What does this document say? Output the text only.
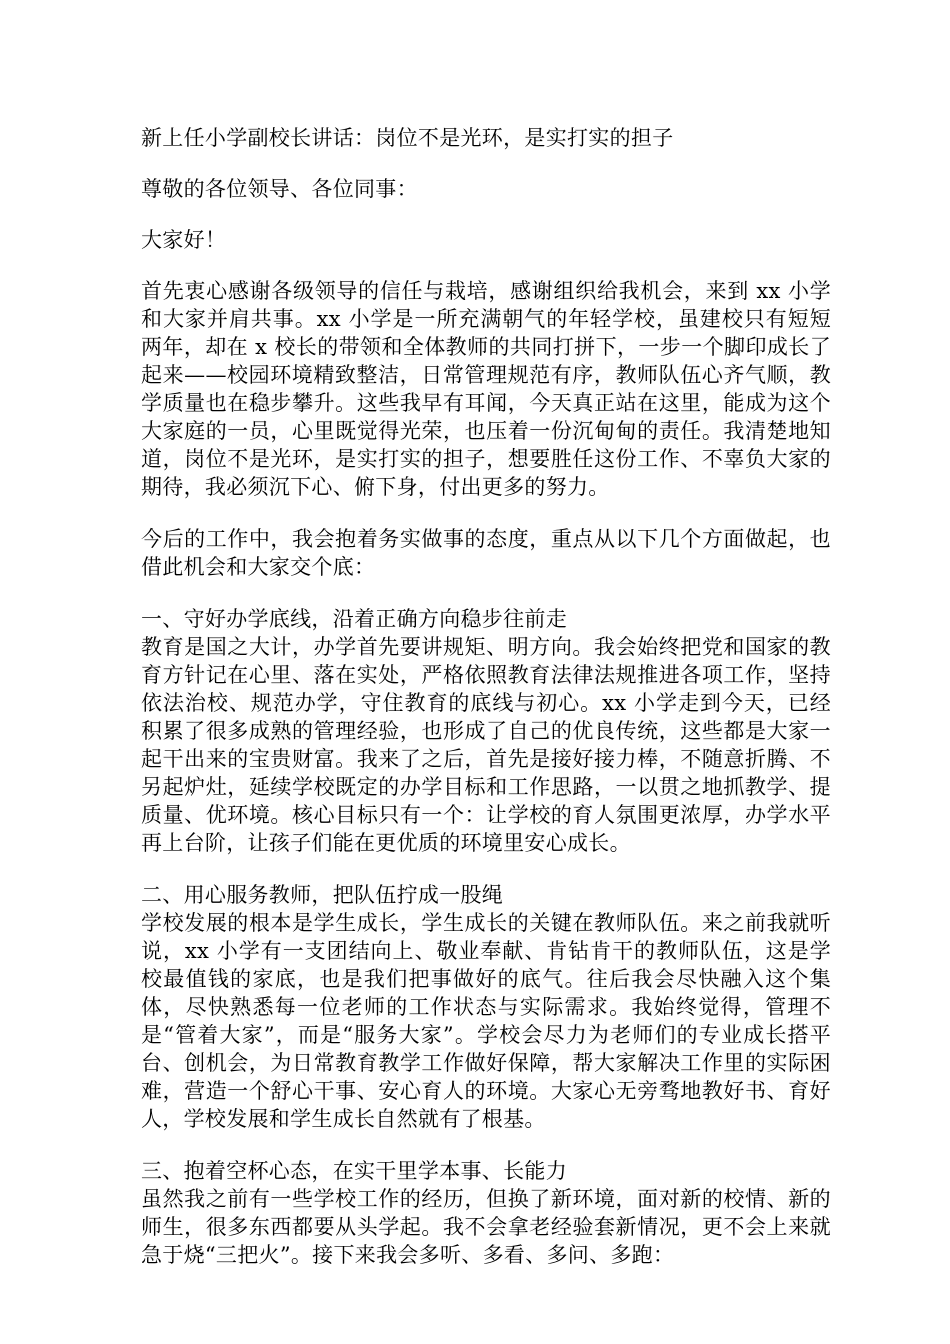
新上任小学副校长讲话：岗位不是光环，是实打实的担子

尊敬的各位领导、各位同事：

大家好！

首先衷心感谢各级领导的信任与栽培，感谢组织给我机会，来到 xx 小学和大家并肩共事。xx 小学是一所充满朝气的年轻学校，虽建校只有短短两年，却在 x 校长的带领和全体教师的共同打拼下，一步一个脚印成长了起来——校园环境精致整洁，日常管理规范有序，教师队伍心齐气顺，教学质量也在稳步攀升。这些我早有耳闻，今天真正站在这里，能成为这个大家庭的一员，心里既觉得光荣，也压着一份沉甸甸的责任。我清楚地知道，岗位不是光环，是实打实的担子，想要胜任这份工作、不辜负大家的期待，我必须沉下心、俯下身，付出更多的努力。

今后的工作中，我会抱着务实做事的态度，重点从以下几个方面做起，也借此机会和大家交个底：

一、守好办学底线，沿着正确方向稳步往前走

教育是国之大计，办学首先要讲规矩、明方向。我会始终把党和国家的教育方针记在心里、落在实处，严格依照教育法律法规推进各项工作，坚持依法治校、规范办学，守住教育的底线与初心。xx 小学走到今天，已经积累了很多成熟的管理经验，也形成了自己的优良传统，这些都是大家一起干出来的宝贵财富。我来了之后，首先是接好接力棒，不随意折腾、不另起炉灶，延续学校既定的办学目标和工作思路，一以贯之地抓教学、提质量、优环境。核心目标只有一个：让学校的育人氛围更浓厚，办学水平再上台阶，让孩子们能在更优质的环境里安心成长。

二、用心服务教师，把队伍拧成一股绳

学校发展的根本是学生成长，学生成长的关键在教师队伍。来之前我就听说，xx 小学有一支团结向上、敬业奉献、肯钻肯干的教师队伍，这是学校最值钱的家底，也是我们把事做好的底气。往后我会尽快融入这个集体，尽快熟悉每一位老师的工作状态与实际需求。我始终觉得，管理不是“管着大家”，而是“服务大家”。学校会尽力为老师们的专业成长搭平台、创机会，为日常教育教学工作做好保障，帮大家解决工作里的实际困难，营造一个舒心干事、安心育人的环境。大家心无旁骛地教好书、育好人，学校发展和学生成长自然就有了根基。

三、抱着空杯心态，在实干里学本事、长能力

虽然我之前有一些学校工作的经历，但换了新环境，面对新的校情、新的师生，很多东西都要从头学起。我不会拿老经验套新情况，更不会上来就急于烧“三把火”。接下来我会多听、多看、多问、多跑：
